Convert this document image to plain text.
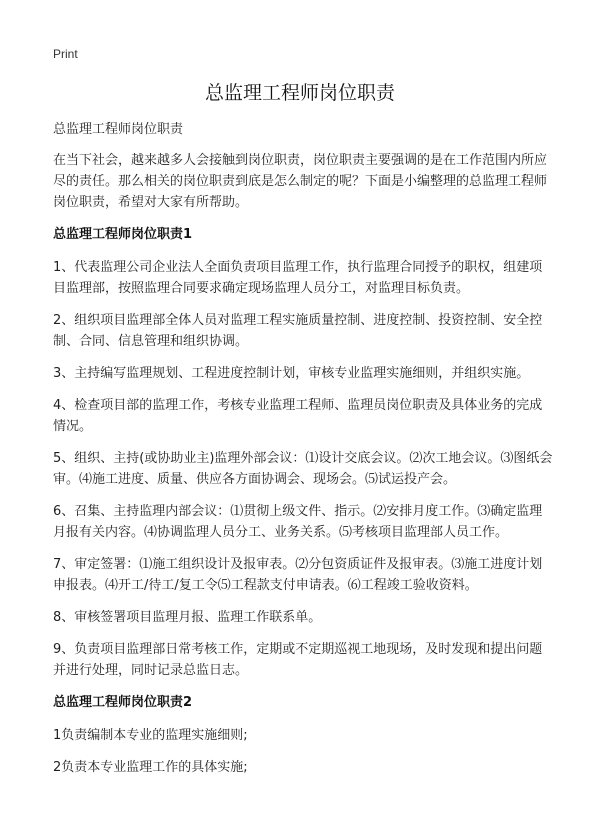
Print
总监理工程师岗位职责

总监理工程师岗位职责

在当下社会，越来越多人会接触到岗位职责，岗位职责主要强调的是在工作范围内所应尽的责任。那么相关的岗位职责到底是怎么制定的呢？下面是小编整理的总监理工程师岗位职责，希望对大家有所帮助。

总监理工程师岗位职责1

1、代表监理公司企业法人全面负责项目监理工作，执行监理合同授予的职权，组建项目监理部，按照监理合同要求确定现场监理人员分工，对监理目标负责。

2、组织项目监理部全体人员对监理工程实施质量控制、进度控制、投资控制、安全控制、合同、信息管理和组织协调。

3、主持编写监理规划、工程进度控制计划，审核专业监理实施细则，并组织实施。

4、检查项目部的监理工作，考核专业监理工程师、监理员岗位职责及具体业务的完成情况。

5、组织、主持(或协助业主)监理外部会议：⑴设计交底会议。⑵次工地会议。⑶图纸会审。⑷施工进度、质量、供应各方面协调会、现场会。⑸试运投产会。

6、召集、主持监理内部会议：⑴贯彻上级文件、指示。⑵安排月度工作。⑶确定监理月报有关内容。⑷协调监理人员分工、业务关系。⑸考核项目监理部人员工作。

7、审定签署：⑴施工组织设计及报审表。⑵分包资质证件及报审表。⑶施工进度计划申报表。⑷开工/待工/复工令⑸工程款支付申请表。⑹工程竣工验收资料。

8、审核签署项目监理月报、监理工作联系单。

9、负责项目监理部日常考核工作，定期或不定期巡视工地现场，及时发现和提出问题并进行处理，同时记录总监日志。

总监理工程师岗位职责2

1负责编制本专业的监理实施细则;

2负责本专业监理工作的具体实施;
